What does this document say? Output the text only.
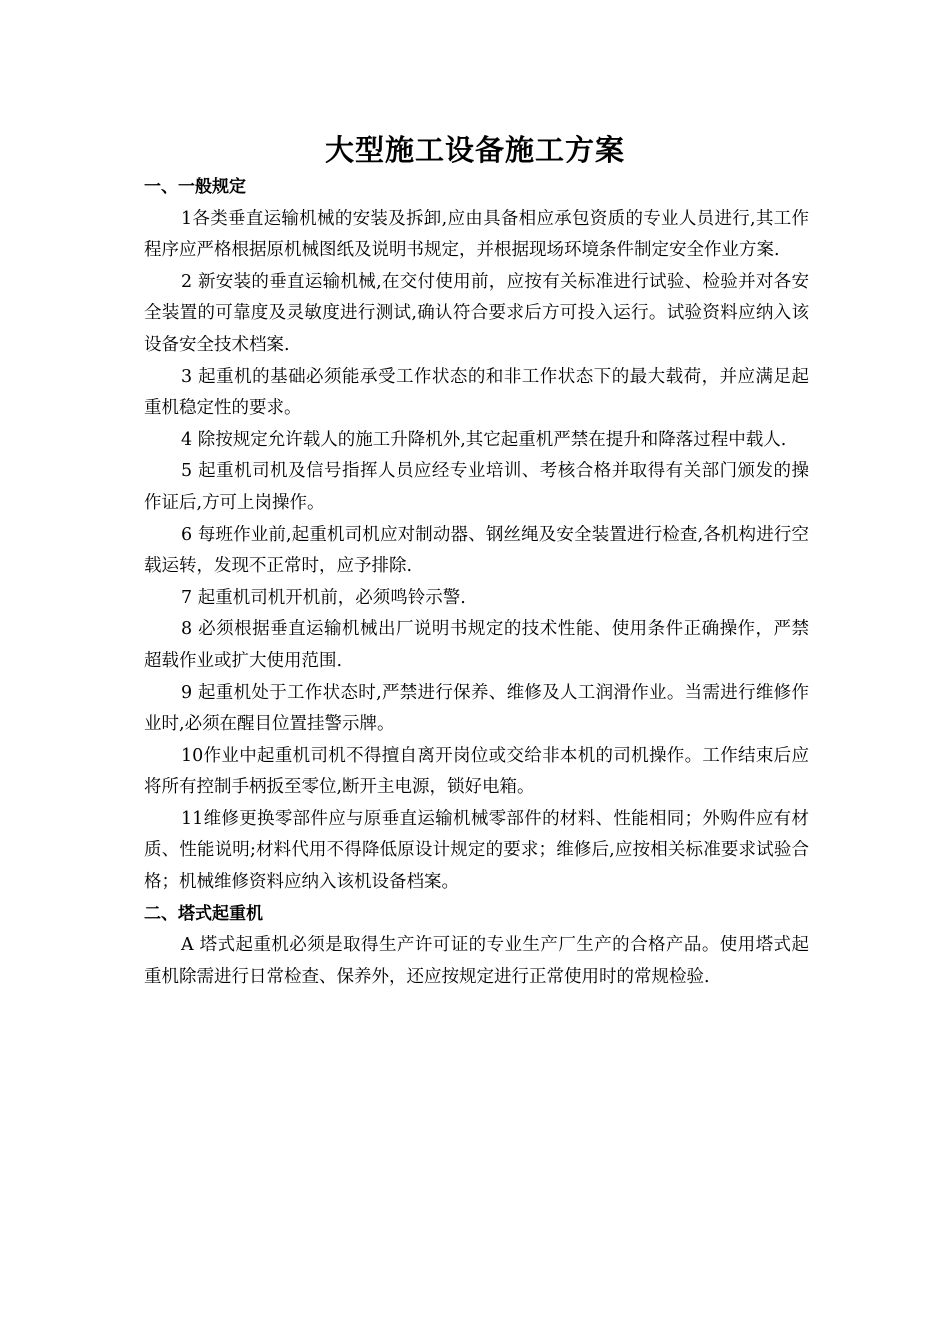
大型施工设备施工方案
一、一般规定

1各类垂直运输机械的安装及拆卸,应由具备相应承包资质的专业人员进行,其工作程序应严格根据原机械图纸及说明书规定，并根据现场环境条件制定安全作业方案.

2 新安装的垂直运输机械,在交付使用前，应按有关标准进行试验、检验并对各安全装置的可靠度及灵敏度进行测试,确认符合要求后方可投入运行。试验资料应纳入该设备安全技术档案.

3 起重机的基础必须能承受工作状态的和非工作状态下的最大载荷，并应满足起重机稳定性的要求。

4 除按规定允许载人的施工升降机外,其它起重机严禁在提升和降落过程中载人.

5 起重机司机及信号指挥人员应经专业培训、考核合格并取得有关部门颁发的操作证后,方可上岗操作。

6 每班作业前,起重机司机应对制动器、钢丝绳及安全装置进行检查,各机构进行空载运转，发现不正常时，应予排除.

7 起重机司机开机前，必须鸣铃示警.

8 必须根据垂直运输机械出厂说明书规定的技术性能、使用条件正确操作，严禁超载作业或扩大使用范围.

9 起重机处于工作状态时,严禁进行保养、维修及人工润滑作业。当需进行维修作业时,必须在醒目位置挂警示牌。

10作业中起重机司机不得擅自离开岗位或交给非本机的司机操作。工作结束后应将所有控制手柄扳至零位,断开主电源，锁好电箱。

11维修更换零部件应与原垂直运输机械零部件的材料、性能相同；外购件应有材质、性能说明;材料代用不得降低原设计规定的要求；维修后,应按相关标准要求试验合格；机械维修资料应纳入该机设备档案。

二、塔式起重机

A 塔式起重机必须是取得生产许可证的专业生产厂生产的合格产品。使用塔式起重机除需进行日常检查、保养外，还应按规定进行正常使用时的常规检验.
